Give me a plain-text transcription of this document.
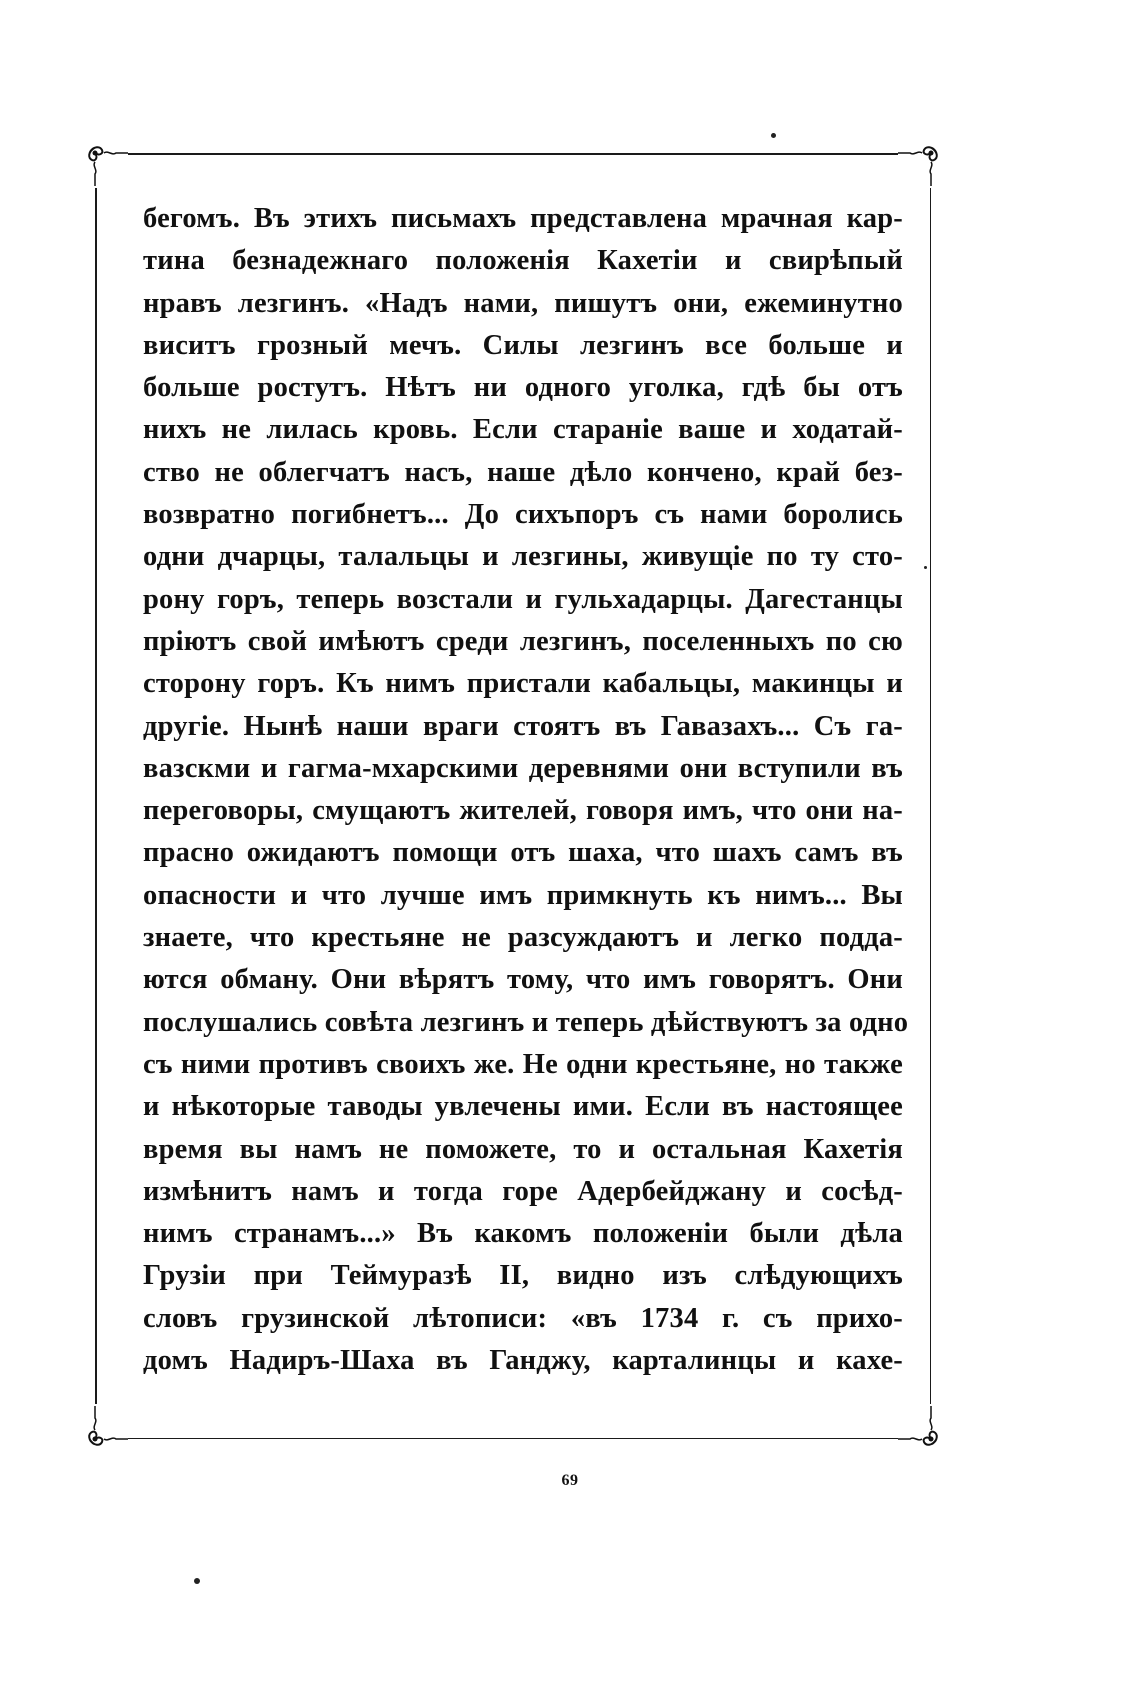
бегомъ. Въ этихъ письмахъ представлена мрачная кар-
тина безнадежнаго положенія Кахетіи и свирѣпый
нравъ лезгинъ. «Надъ нами, пишутъ они, ежеминутно
виситъ грозный мечъ. Силы лезгинъ все больше и
больше ростутъ. Нѣтъ ни одного уголка, гдѣ бы отъ
нихъ не лилась кровь. Если стараніе ваше и ходатай-
ство не облегчатъ насъ, наше дѣло кончено, край без-
возвратно погибнетъ... До сихъпоръ съ нами боролись
одни дчарцы, талальцы и лезгины, живущіе по ту сто-
рону горъ, теперь возстали и гульхадарцы. Дагестанцы
пріютъ свой имѣютъ среди лезгинъ, поселенныхъ по сю
сторону горъ. Къ нимъ пристали кабальцы, макинцы и
другіе. Нынѣ наши враги стоятъ въ Гавазахъ... Съ га-
вазскми и гагма-мхарскими деревнями они вступили въ
переговоры, смущаютъ жителей, говоря имъ, что они на-
прасно ожидаютъ помощи отъ шаха, что шахъ самъ въ
опасности и что лучше имъ примкнуть къ нимъ... Вы
знаете, что крестьяне не разсуждаютъ и легко подда-
ются обману. Они вѣрятъ тому, что имъ говорятъ. Они
послушались совѣта лезгинъ и теперь дѣйствуютъ за одно
съ ними противъ своихъ же. Не одни крестьяне, но также
и нѣкоторые таводы увлечены ими. Если въ настоящее
время вы намъ не поможете, то и остальная Кахетія
измѣнитъ намъ и тогда горе Адербейджану и сосѣд-
нимъ странамъ...» Въ какомъ положеніи были дѣла
Грузіи при Теймуразѣ II, видно изъ слѣдующихъ
словъ грузинской лѣтописи: «въ 1734 г. съ прихо-
домъ Надиръ-Шаха въ Ганджу, карталинцы и кахе-
69
